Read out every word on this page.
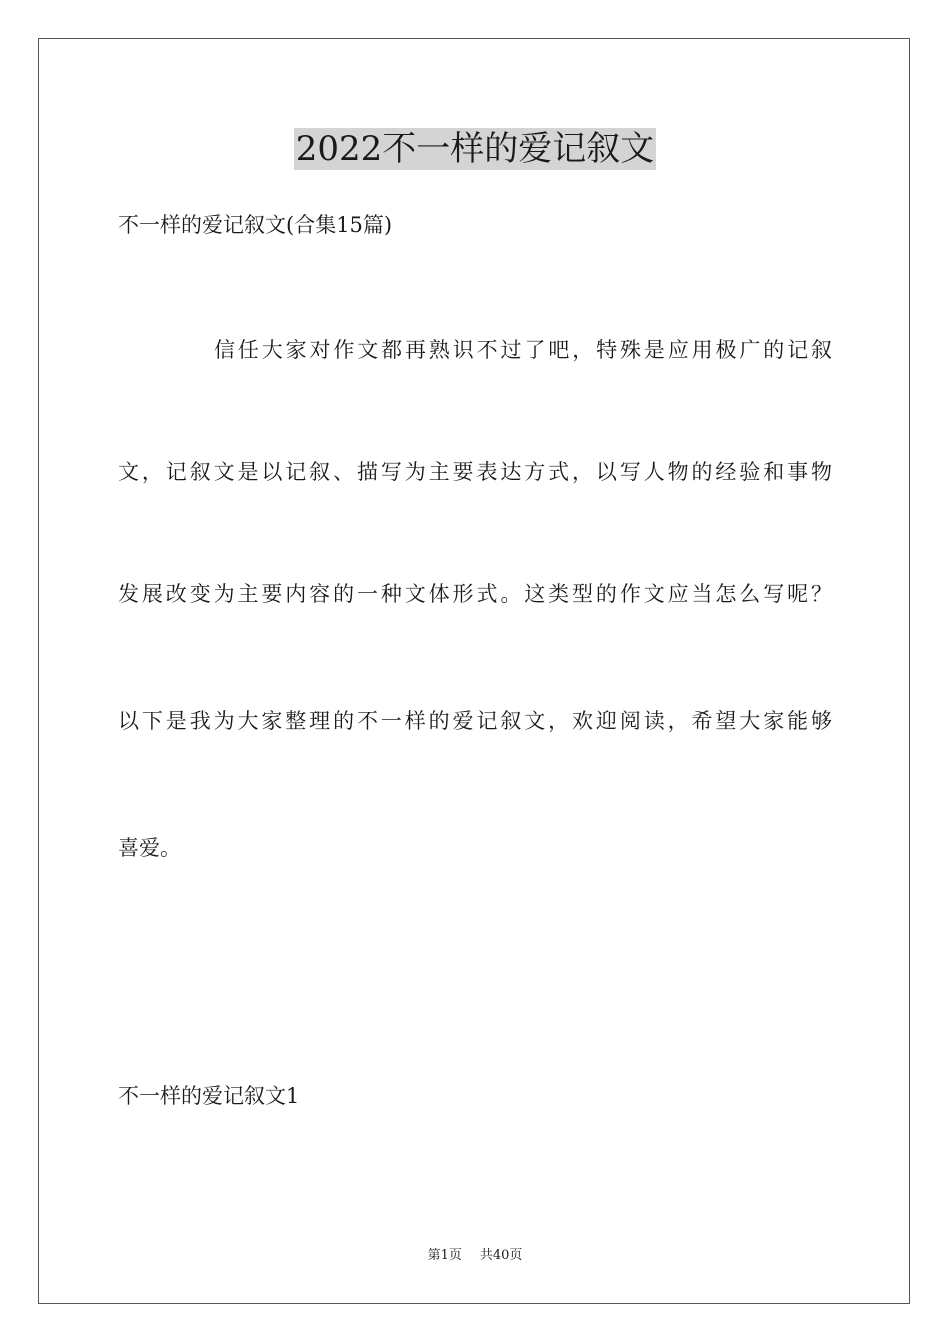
2022不一样的爱记叙文

不一样的爱记叙文(合集15篇)

信任大家对作文都再熟识不过了吧，特殊是应用极广的记叙

文，记叙文是以记叙、描写为主要表达方式，以写人物的经验和事物

发展改变为主要内容的一种文体形式。这类型的作文应当怎么写呢？

以下是我为大家整理的不一样的爱记叙文，欢迎阅读，希望大家能够

喜爱。

不一样的爱记叙文1

第1页 共40页
